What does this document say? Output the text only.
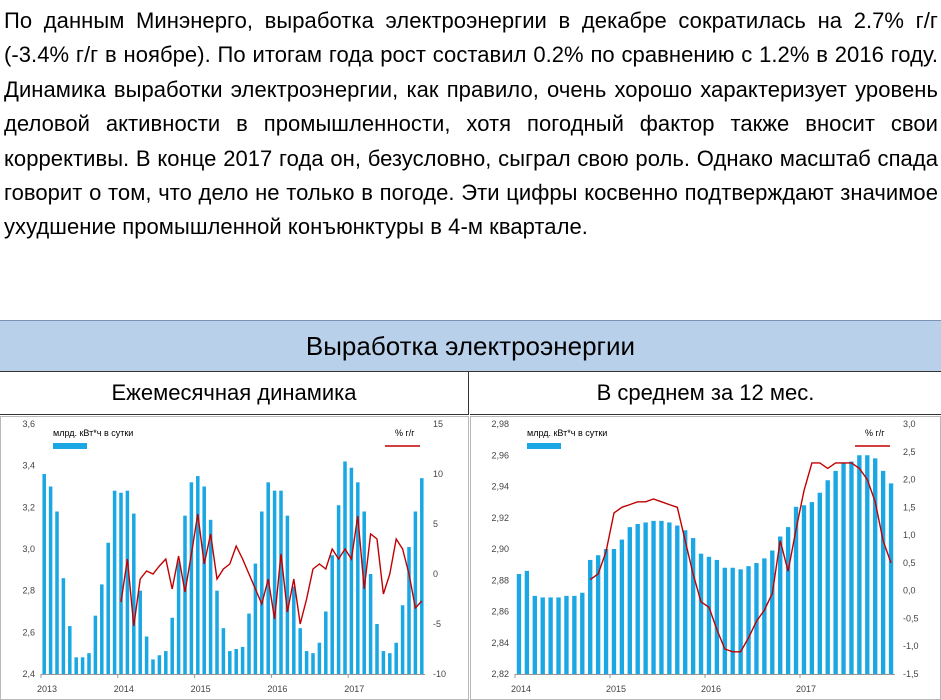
По данным Минэнерго, выработка электроэнергии в декабре сократилась на 2.7% г/г (-3.4% г/г в ноябре). По итогам года рост составил 0.2% по сравнению с 1.2% в 2016 году. Динамика выработки электроэнергии, как правило, очень хорошо характеризует уровень деловой активности в промышленности, хотя погодный фактор также вносит свои коррективы. В конце 2017 года он, безусловно, сыграл свою роль. Однако масштаб спада говорит о том, что дело не только в погоде. Эти цифры косвенно подтверждают значимое ухудшение промышленной конъюнктуры в 4-м квартале.
Выработка электроэнергии
Ежемесячная динамика	В среднем за 12 мес.
3,6
3,4
3,2
3,0
2,8
2,6
2,4
15
10
5
0
-5
-10
2013	2014	2015	2016	2017
млрд. кВт*ч в сутки	% г/г
2,98
2,96
2,94
2,92
2,90
2,88
2,86
2,84
2,82
3,0
2,5
2,0
1,5
1,0
0,5
0,0
-0,5
-1,0
-1,5
2014	2015	2016	2017
млрд. кВт*ч в сутки	% г/г
